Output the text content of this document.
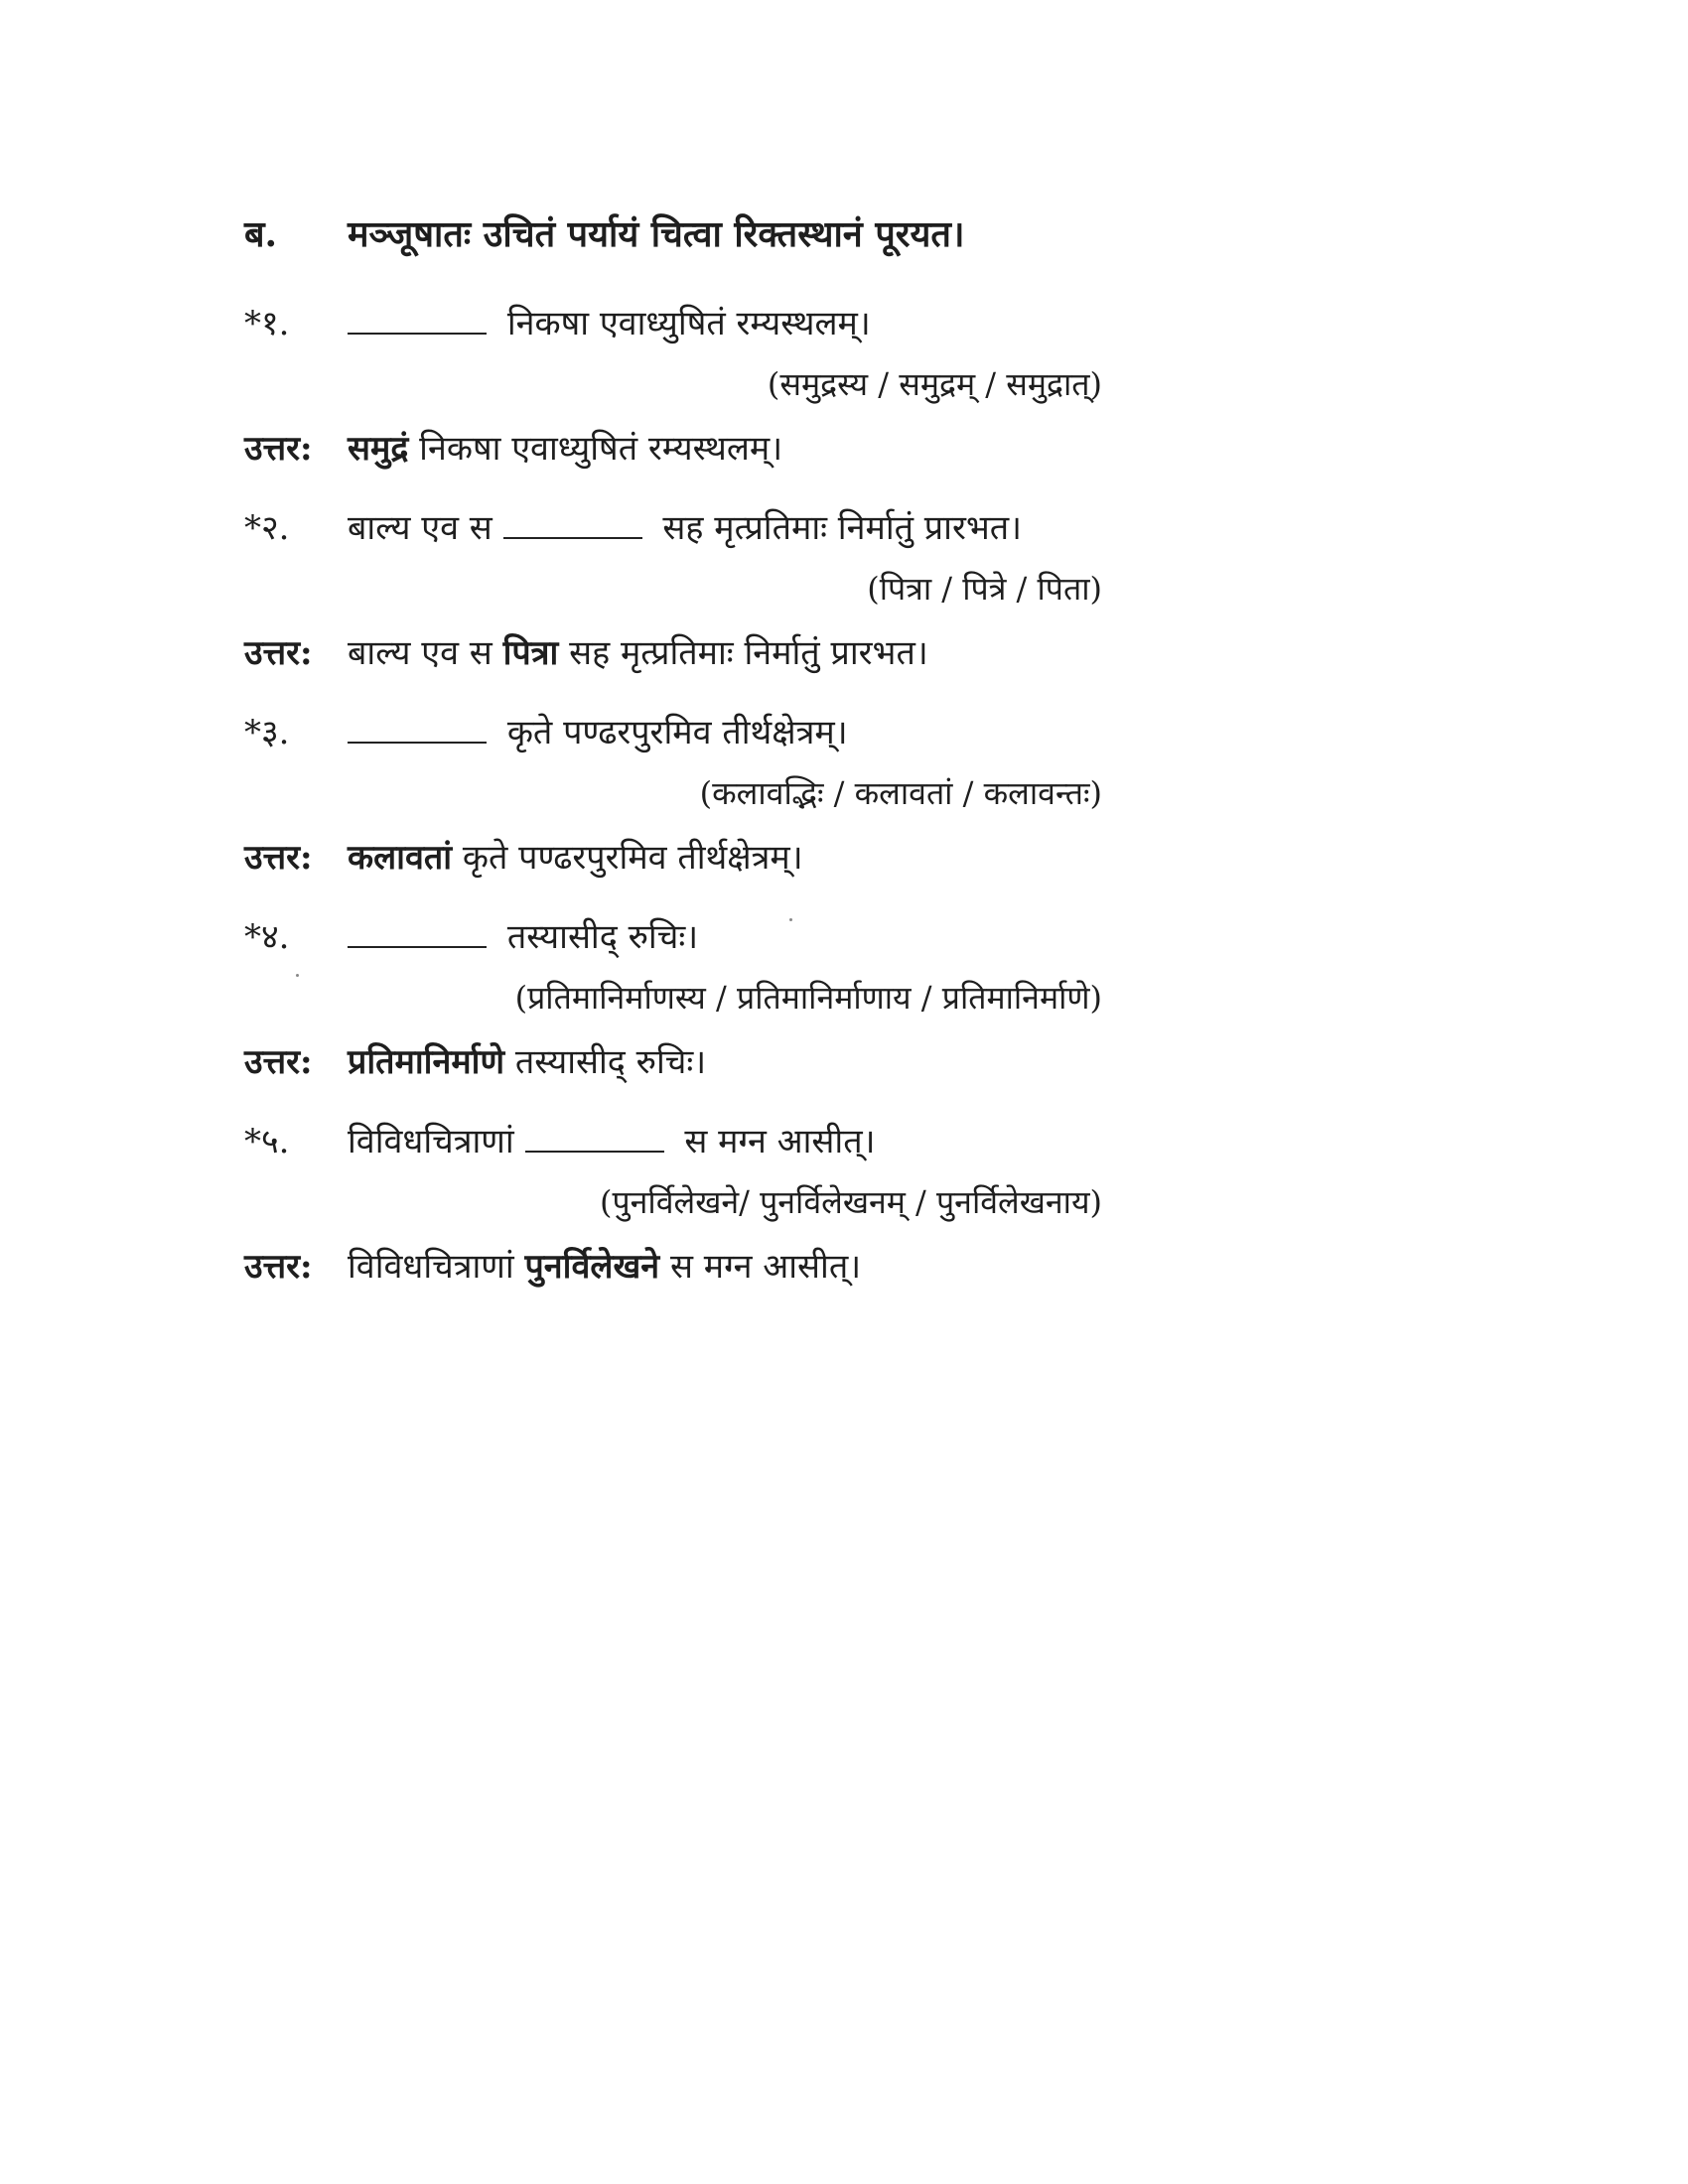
ब. मञ्जूषातः उचितं पर्यायं चित्वा रिक्तस्थानं पूरयत।
*१.	निकषा एवाध्युषितं रम्यस्थलम्।
(समुद्रस्य / समुद्रम् / समुद्रात्)
उत्तर: समुद्रं निकषा एवाध्युषितं रम्यस्थलम्।
*२. बाल्य एव स	सह मृत्प्रतिमाः निर्मातुं प्रारभत।
(पित्रा / पित्रे / पिता)
उत्तर: बाल्य एव स पित्रा सह मृत्प्रतिमाः निर्मातुं प्रारभत।
*३.	कृते पण्ढरपुरमिव तीर्थक्षेत्रम्।
(कलावद्भिः / कलावतां / कलावन्तः)
उत्तर: कलावतां कृते पण्ढरपुरमिव तीर्थक्षेत्रम्।
*४.	तस्यासीद् रुचिः।
(प्रतिमानिर्माणस्य / प्रतिमानिर्माणाय / प्रतिमानिर्माणे)
उत्तर: प्रतिमानिर्माणे तस्यासीद् रुचिः।
*५. विविधचित्राणां	स मग्न आसीत्।
(पुनर्विलेखने/ पुनर्विलेखनम् / पुनर्विलेखनाय)
उत्तर: विविधचित्राणां पुनर्विलेखने स मग्न आसीत्।
